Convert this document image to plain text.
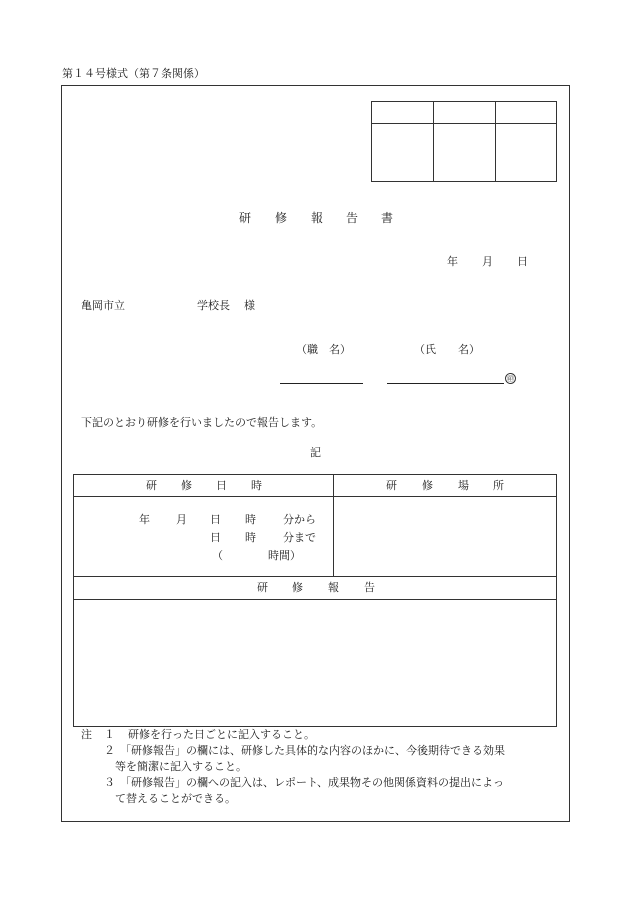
第１４号様式（第７条関係）
研 修 報 告 書
年 月 日
亀岡市立	学校長 様
（職　名）	（氏　　名）
㊞
下記のとおり研修を行いましたので報告します。
記
研 修 日 時	研 修 場 所
年 月 日 時 分から
日 時 分まで
（	時間）
研 修 報 告
注 １ 研修を行った日ごとに記入すること。
２ 「研修報告」の欄には、研修した具体的な内容のほかに、今後期待できる効果
等を簡潔に記入すること。
３ 「研修報告」の欄への記入は、レポート、成果物その他関係資料の提出によっ
て替えることができる。
